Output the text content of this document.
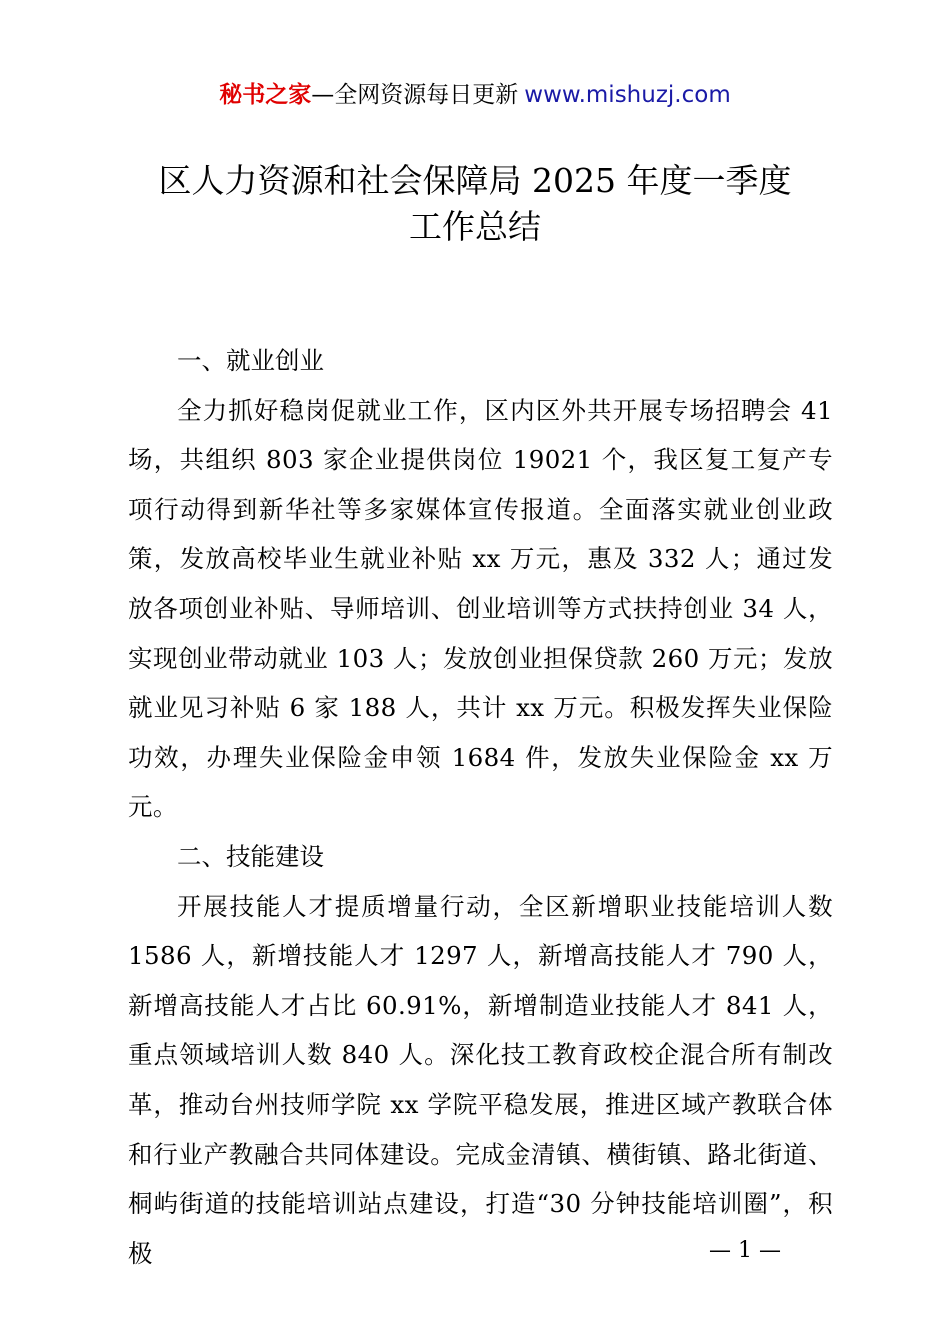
秘书之家—全网资源每日更新 www.mishuzj.com
区人力资源和社会保障局 2025 年度一季度
工作总结

一、就业创业

全力抓好稳岗促就业工作，区内区外共开展专场招聘会 41 场，共组织 803 家企业提供岗位 19021 个，我区复工复产专项行动得到新华社等多家媒体宣传报道。全面落实就业创业政策，发放高校毕业生就业补贴 xx 万元，惠及 332 人；通过发放各项创业补贴、导师培训、创业培训等方式扶持创业 34 人，实现创业带动就业 103 人；发放创业担保贷款 260 万元；发放就业见习补贴 6 家 188 人，共计 xx 万元。积极发挥失业保险功效，办理失业保险金申领 1684 件，发放失业保险金 xx 万元。

二、技能建设

开展技能人才提质增量行动，全区新增职业技能培训人数 1586 人，新增技能人才 1297 人，新增高技能人才 790 人，新增高技能人才占比 60.91%，新增制造业技能人才 841 人，重点领域培训人数 840 人。深化技工教育政校企混合所有制改革，推动台州技师学院 xx 学院平稳发展，推进区域产教联合体和行业产教融合共同体建设。完成金清镇、横街镇、路北街道、桐屿街道的技能培训站点建设，打造“30 分钟技能培训圈”，积极	— 1 —
